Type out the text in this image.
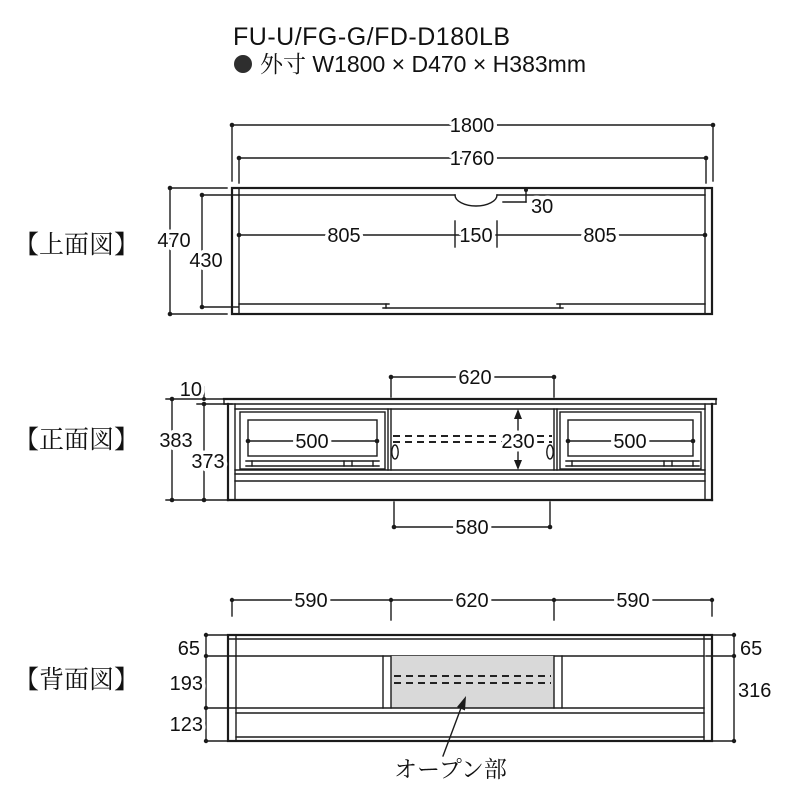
FU-U/FG-G/FD-D180LB
外寸 W1800 × D470 × H383mm
【上面図】
1800
1760
30
805	150	805
470
430
【正面図】
620
500	500
230
580
10
383
373
【背面図】
590	620	590
65
193
123
65
316
オープン部
